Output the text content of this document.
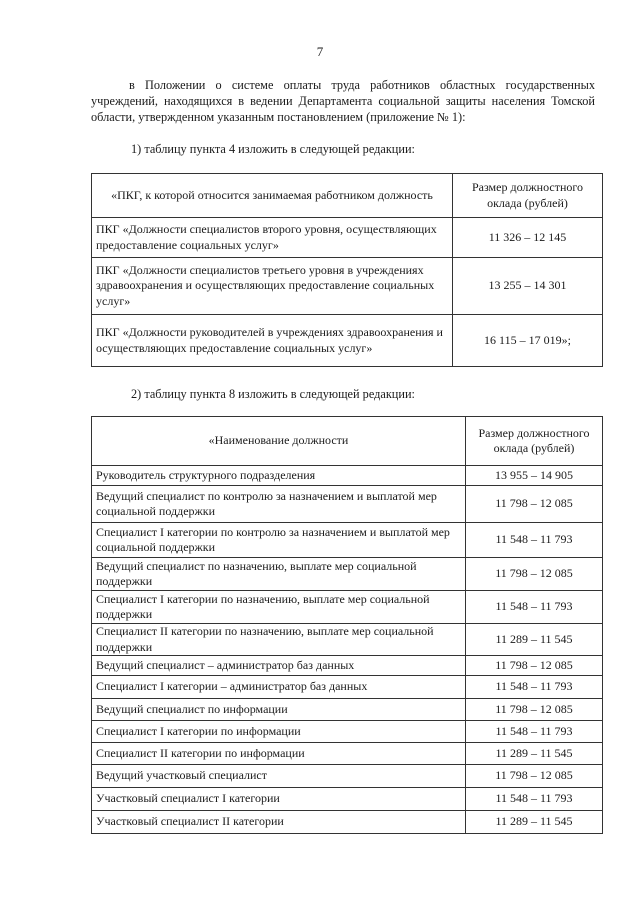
7
в Положении о системе оплаты труда работников областных государственных учреждений, находящихся в ведении Департамента социальной защиты населения Томской области, утвержденном указанным постановлением (приложение № 1):
1) таблицу пункта 4 изложить в следующей редакции:
«ПКГ, к которой относится занимаемая работником должность	Размер должностного оклада (рублей)
ПКГ «Должности специалистов второго уровня, осуществляющих предоставление социальных услуг»	11 326 – 12 145
ПКГ «Должности специалистов третьего уровня в учреждениях здравоохранения и осуществляющих предоставление социальных услуг»	13 255 – 14 301
ПКГ «Должности руководителей в учреждениях здравоохранения и осуществляющих предоставление социальных услуг»	16 115 – 17 019»;
2) таблицу пункта 8 изложить в следующей редакции:
«Наименование должности	Размер должностного оклада (рублей)
Руководитель структурного подразделения	13 955 – 14 905
Ведущий специалист по контролю за назначением и выплатой мер социальной поддержки	11 798 – 12 085
Специалист I категории по контролю за назначением и выплатой мер социальной поддержки	11 548 – 11 793
Ведущий специалист по назначению, выплате мер социальной поддержки	11 798 – 12 085
Специалист I категории по назначению, выплате мер социальной поддержки	11 548 – 11 793
Специалист II категории по назначению, выплате мер социальной поддержки	11 289 – 11 545
Ведущий специалист – администратор баз данных	11 798 – 12 085
Специалист I категории – администратор баз данных	11 548 – 11 793
Ведущий специалист по информации	11 798 – 12 085
Специалист I категории по информации	11 548 – 11 793
Специалист II категории по информации	11 289 – 11 545
Ведущий участковый специалист	11 798 – 12 085
Участковый специалист I категории	11 548 – 11 793
Участковый специалист II категории	11 289 – 11 545
